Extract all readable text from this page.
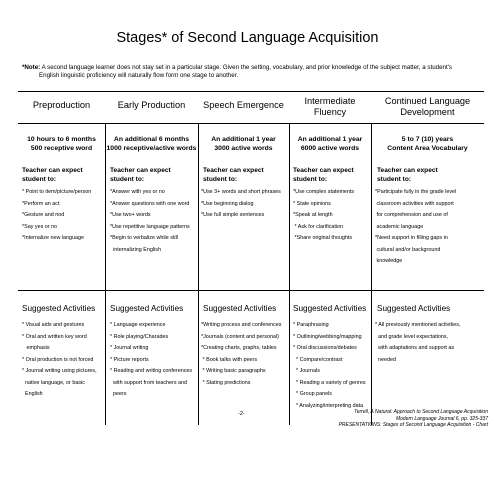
Stages* of Second Language Acquisition
*Note: A second language learner does not stay set in a particular stage. Given the setting, vocabulary, and prior knowledge of the subject matter, a student's
English linguistic proficiency will naturally flow form one stage to another.
Preproduction
10 hours to 6 months
500 receptive word
Teacher can expect student to:
* Point to item/picture/person
*Perform an act
*Gesture and nod
*Say yes or no
*Internalize new language
Suggested Activities
* Visual aids and gestures
* Oral and written key word
emphasis
* Oral production is not forced
* Journal writing using pictures,
native language, or basic
English
Early Production
An additional 6 months
1000 receptive/active words
Teacher can expect student to:
*Answer with yes or no
*Answer questions with one word
*Use two+ words
*Use repetitive language patterns
*Begin to verbalize while still
internalizing English
Suggested Activities
* Language experience
* Role playing/Charades
* Journal writing
* Picture reports
* Reading and writing conferences
with support from teachers and
peers
Speech Emergence
An additional 1 year
3000 active words
Teacher can expect student to:
*Use 3+ words and short phrases
*Use beginning dialog
*Use full simple sentences
Suggested Activities
*Writing process and conferences
*Journals (content and personal)
*Creating charts, graphs, tables
* Book talks with peers
* Writing basic paragraphs
* Stating predictions
Intermediate Fluency
An additional 1 year
6000 active words
Teacher can expect student to:
*Use complex statements
* State opinions
*Speak at length
* Ask for clarification
*Share original thoughts
Suggested Activities
* Paraphrasing
* Outlining/webbing/mapping
* Oral discussions/debates
* Compare/contrast
* Journals
* Reading a variety of genres
* Group panels
* Analyzing/interpreting data
Continued Language Development
5 to 7 (10) years
Content Area Vocabulary
Teacher can expect student to:
*Participate fully in the grade level
classroom activities with support
for comprehension and use of
academic language
*Need support in filling gaps in
cultural and/or background
knowledge
Suggested Activities
* All previously mentioned activities,
and grade level expectations,
with adaptations and support as
needed
-2-	Terrell, A Natural: Approach to Second Language Acquisition
Modern Language Journal 6, pp. 325-337
PRESENTATIONS: Stages of Second Language Acquisition - Chart
